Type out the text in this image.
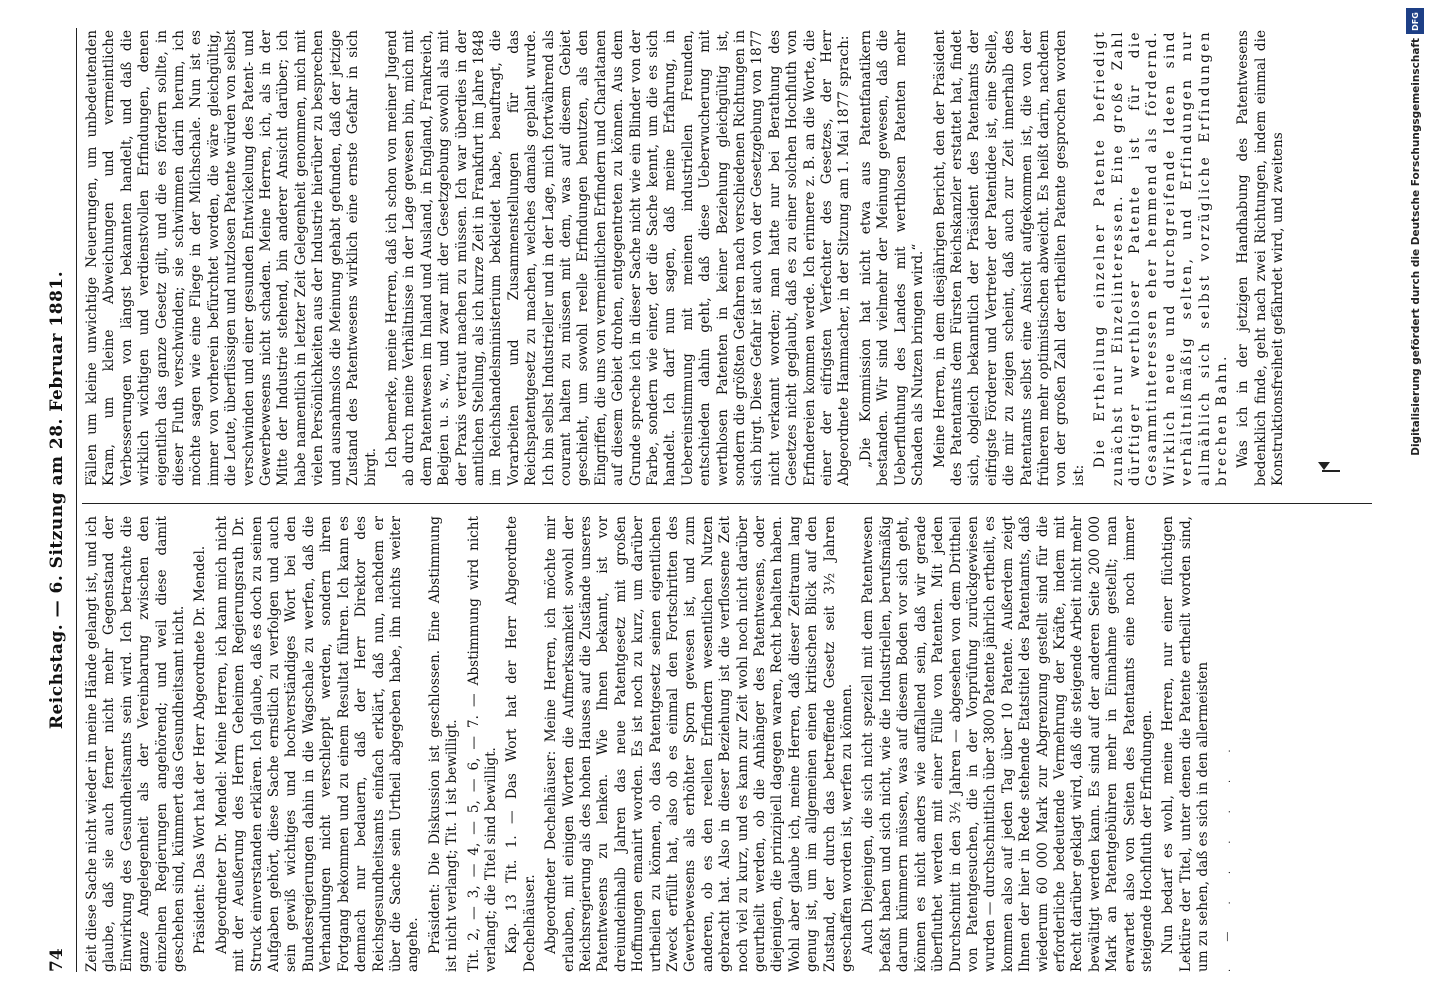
74
Reichstag. — 6. Sitzung am 28. Februar 1881.

Zeit diese Sache nicht wieder in meine Hände gelangt ist, und ich glaube, daß sie auch ferner nicht mehr Gegenstand der Einwirkung des Gesundheitsamts sein wird. Ich betrachte die ganze Angelegenheit als der Vereinbarung zwischen den einzelnen Regierungen angehörend; und weil diese damit geschehen sind, kümmert das Gesundheitsamt nicht. Präsident: Das Wort hat der Herr Abgeordnete Dr. Mendel. Abgeordneter Dr. Mendel: Meine Herren, ich kann mich nicht mit der Aeußerung des Herrn Geheimen Regierungsrath Dr. Struck einverstanden erklären. Ich glaube, daß es doch zu seinen Aufgaben gehört, diese Sache ernstlich zu verfolgen und auch sein gewiß wichtiges und hochverständiges Wort bei den Bundesregierungen dahin in die Wagschale zu werfen, daß die Verhandlungen nicht verschleppt werden, sondern ihren Fortgang bekommen und zu einem Resultat führen. Ich kann es demnach nur bedauern, daß der Herr Direktor des Reichsgesundheitsamts einfach erklärt, daß nun, nachdem er über die Sache sein Urtheil abgegeben habe, ihn nichts weiter angehe. Präsident: Die Diskussion ist geschlossen. Eine Abstimmung ist nicht verlangt; Tit. 1 ist bewilligt. Tit. 2, — 3, — 4, — 5, — 6, — 7. — Abstimmung wird nicht verlangt; die Titel sind bewilligt. Kap. 13 Tit. 1. — Das Wort hat der Herr Abgeordnete Dechelhäuser. Abgeordneter Dechelhäuser: Meine Herren, ich möchte mir erlauben, mit einigen Worten die Aufmerksamkeit sowohl der Reichsregierung als des hohen Hauses auf die Zustände unseres Patentwesens zu lenken. Wie Ihnen bekannt, ist vor dreiundeinhalb Jahren das neue Patentgesetz mit großen Hoffnungen emanirt worden. Es ist noch zu kurz, um darüber urtheilen zu können, ob das Patentgesetz seinen eigentlichen Zweck erfüllt hat, also ob es einmal den Fortschritten des Gewerbewesens als erhöhter Sporn gewesen ist, und zum anderen, ob es den reellen Erfindern wesentlichen Nutzen gebracht hat. Also in dieser Beziehung ist die verflossene Zeit noch viel zu kurz, und es kann zur Zeit wohl noch nicht darüber geurtheilt werden, ob die Anhänger des Patentwesens, oder diejenigen, die prinzipiell dagegen waren, Recht behalten haben. Wohl aber glaube ich, meine Herren, daß dieser Zeitraum lang genug ist, um im allgemeinen einen kritischen Blick auf den Zustand, der durch das betreffende Gesetz seit 3½ Jahren geschaffen worden ist, werfen zu können. Auch Diejenigen, die sich nicht speziell mit dem Patentwesen befaßt haben und sich nicht, wie die Industriellen, berufsmäßig darum kümmern müssen, was auf diesem Boden vor sich geht, können es nicht anders wie auffallend sein, daß wir gerade überfluthet werden mit einer Fülle von Patenten. Mit jeden Durchschnitt in den 3½ Jahren — abgesehen von dem Drittheil von Patentgesuchen, die in der Vorprüfung zurückgewiesen wurden — durchschnittlich über 3800 Patente jährlich ertheilt, es kommen also auf jeden Tag über 10 Patente. Außerdem zeigt Ihnen der hier in Rede stehende Etatstitel des Patentamts, daß wiederum 60 000 Mark zur Abgrenzung gestellt sind für die erforderliche bedeutende Vermehrung der Kräfte, indem mit Recht darüber geklagt wird, daß die steigende Arbeit nicht mehr bewältigt werden kann. Es sind auf der anderen Seite 200 000 Mark an Patentgebühren mehr in Einnahme gestellt; man erwartet also von Seiten des Patentamts eine noch immer steigende Hochfluth der Erfindungen. Nun bedarf es wohl, meine Herren, nur einer flüchtigen Lektüre der Titel, unter denen die Patente ertheilt worden sind, um zu sehen, daß es sich in den allermeisten	. — . . . . . .

Fällen um kleine unwichtige Neuerungen, um unbedeutenden Kram, um kleine Abweichungen und vermeintliche Verbesserungen von längst bekannten handelt, und daß die wirklich wichtigen und verdienstvollen Erfindungen, denen eigentlich das ganze Gesetz gilt, und die es fördern sollte, in dieser Fluth verschwinden; sie schwimmen darin herum, ich möchte sagen wie eine Fliege in der Milchschale. Nun ist es immer von vorherein befürchtet worden, die wäre gleichgültig, die Leute, überflüssigen und nutzlosen Patente würden von selbst verschwinden und einer gesunden Entwickelung des Patent- und Gewerbewesens nicht schaden. Meine Herren, ich, als in der Mitte der Industrie stehend, bin anderer Ansicht darüber; ich habe namentlich in letzter Zeit Gelegenheit genommen, mich mit vielen Persönlichkeiten aus der Industrie hierüber zu besprechen und ausnahmslos die Meinung gehabt gefunden, daß der jetzige Zustand des Patentwesens wirklich eine ernste Gefahr in sich birgt. Ich bemerke, meine Herren, daß ich schon von meiner Jugend ab durch meine Verhältnisse in der Lage gewesen bin, mich mit dem Patentwesen im Inland und Ausland, in England, Frankreich, Belgien u. s. w., und zwar mit der Gesetzgebung sowohl als mit der Praxis vertraut machen zu müssen. Ich war überdies in der amtlichen Stellung, als ich kurze Zeit in Frankfurt im Jahre 1848 im Reichshandelsministerium bekleidet habe, beauftragt, die Vorarbeiten und Zusammenstellungen für das Reichspatentgesetz zu machen, welches damals geplant wurde. Ich bin selbst Industrieller und in der Lage, mich fortwährend als courant halten zu müssen mit dem, was auf diesem Gebiet geschieht, um sowohl reelle Erfindungen benutzen, als den Eingriffen, die uns von vermeintlichen Erfindern und Charlatanen auf diesem Gebiet drohen, entgegentreten zu können. Aus dem Grunde spreche ich in dieser Sache nicht wie ein Blinder von der Farbe, sondern wie einer, der die Sache kennt, um die es sich handelt. Ich darf nun sagen, daß meine Erfahrung, in Uebereinstimmung mit meinen industriellen Freunden, entschieden dahin geht, daß diese Ueberwucherung mit werthlosen Patenten in keiner Beziehung gleichgültig ist, sondern die größten Gefahren nach verschiedenen Richtungen in sich birgt. Diese Gefahr ist auch von der Gesetzgebung von 1877 nicht verkannt worden; man hatte nur bei Berathung des Gesetzes nicht geglaubt, daß es zu einer solchen Hochfluth von Erfindereien kommen werde. Ich erinnere z. B. an die Worte, die einer der eifrigsten Verfechter des Gesetzes, der Herr Abgeordnete Hammacher, in der Sitzung am 1. Mai 1877 sprach: „Die Kommission hat nicht etwa aus Patentfanatikern bestanden. Wir sind vielmehr der Meinung gewesen, daß die Ueberfluthung des Landes mit werthlosen Patenten mehr Schaden als Nutzen bringen wird.“ Meine Herren, in dem diesjährigen Bericht, den der Präsident des Patentamts dem Fürsten Reichskanzler erstattet hat, findet sich, obgleich bekanntlich der Präsident des Patentamts der eifrigste Förderer und Vertreter der Patentidee ist, eine Stelle, die mir zu zeigen scheint, daß auch zur Zeit innerhalb des Patentamts selbst eine Ansicht aufgekommen ist, die von der früheren mehr optimistischen abweicht. Es heißt darin, nachdem von der großen Zahl der ertheilten Patente gesprochen worden ist:

Die Ertheilung einzelner Patente befriedigt zunächst nur Einzelinteressen. Eine große Zahl dürftiger werthloser Patente ist für die Gesammtinteressen eher hemmend als fördernd. Wirklich neue und durchgreifende Ideen sind verhältnißmäßig selten, und Erfindungen nur allmählich sich selbst vorzügliche Erfindungen brechen Bahn. Was ich in der jetzigen Handhabung des Patentwesens bedenklich finde, geht nach zwei Richtungen, indem einmal die Konstruktionsfreiheit gefährdet wird, und zweitens

DFG
Digitalisierung gefördert durch die Deutsche Forschungsgemeinschaft
